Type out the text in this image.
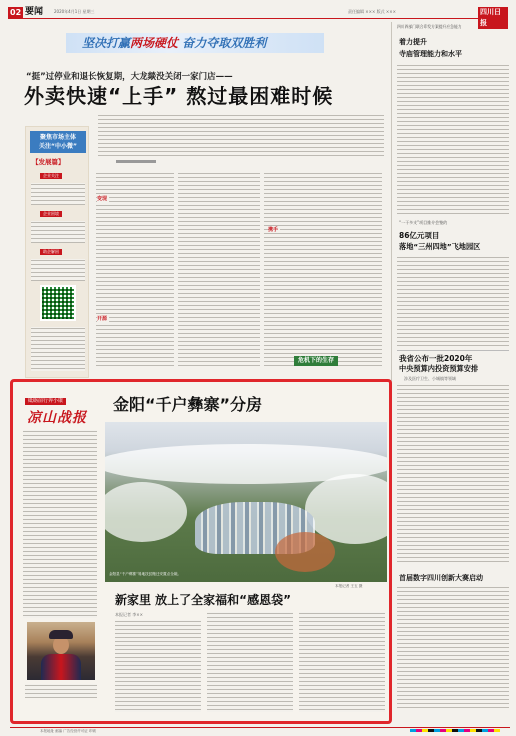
02 要闻	2020年4月1日 星期三	责任编辑 ××× 版式 ×××	四川日报
坚决打赢两场硬仗 奋力夺取双胜利
“挺”过停业和退长恢复期，大龙燚没关闭一家门店——
外卖快速“上手” 熬过最困难时候
聚焦市场主体
关注“中小微”
【发展篇】
企业关注
企业困境
助企解困
变现
开源
携手
危机下的生存
四川四部门联合印发方案提升应急能力
着力提升
寺庙管理能力和水平
“一干多支”项目推介会签约
86亿元项目
落地“三州四地”飞地园区
我省公布一批2020年
中央预算内投资预算安排
涉及医疗卫生、小城镇等领域
首届数字四川创新大赛启动
砥砺前行奔小康
凉山战报
金阳“千户彝寨”分房
金阳县“千户彝寨”易地扶贫搬迁安置点全貌。
本报记者 王五 摄
新家里 放上了全家福和“感恩袋”
本报记者 李××
本报地址 邮编 广告经营许可证 印刷
